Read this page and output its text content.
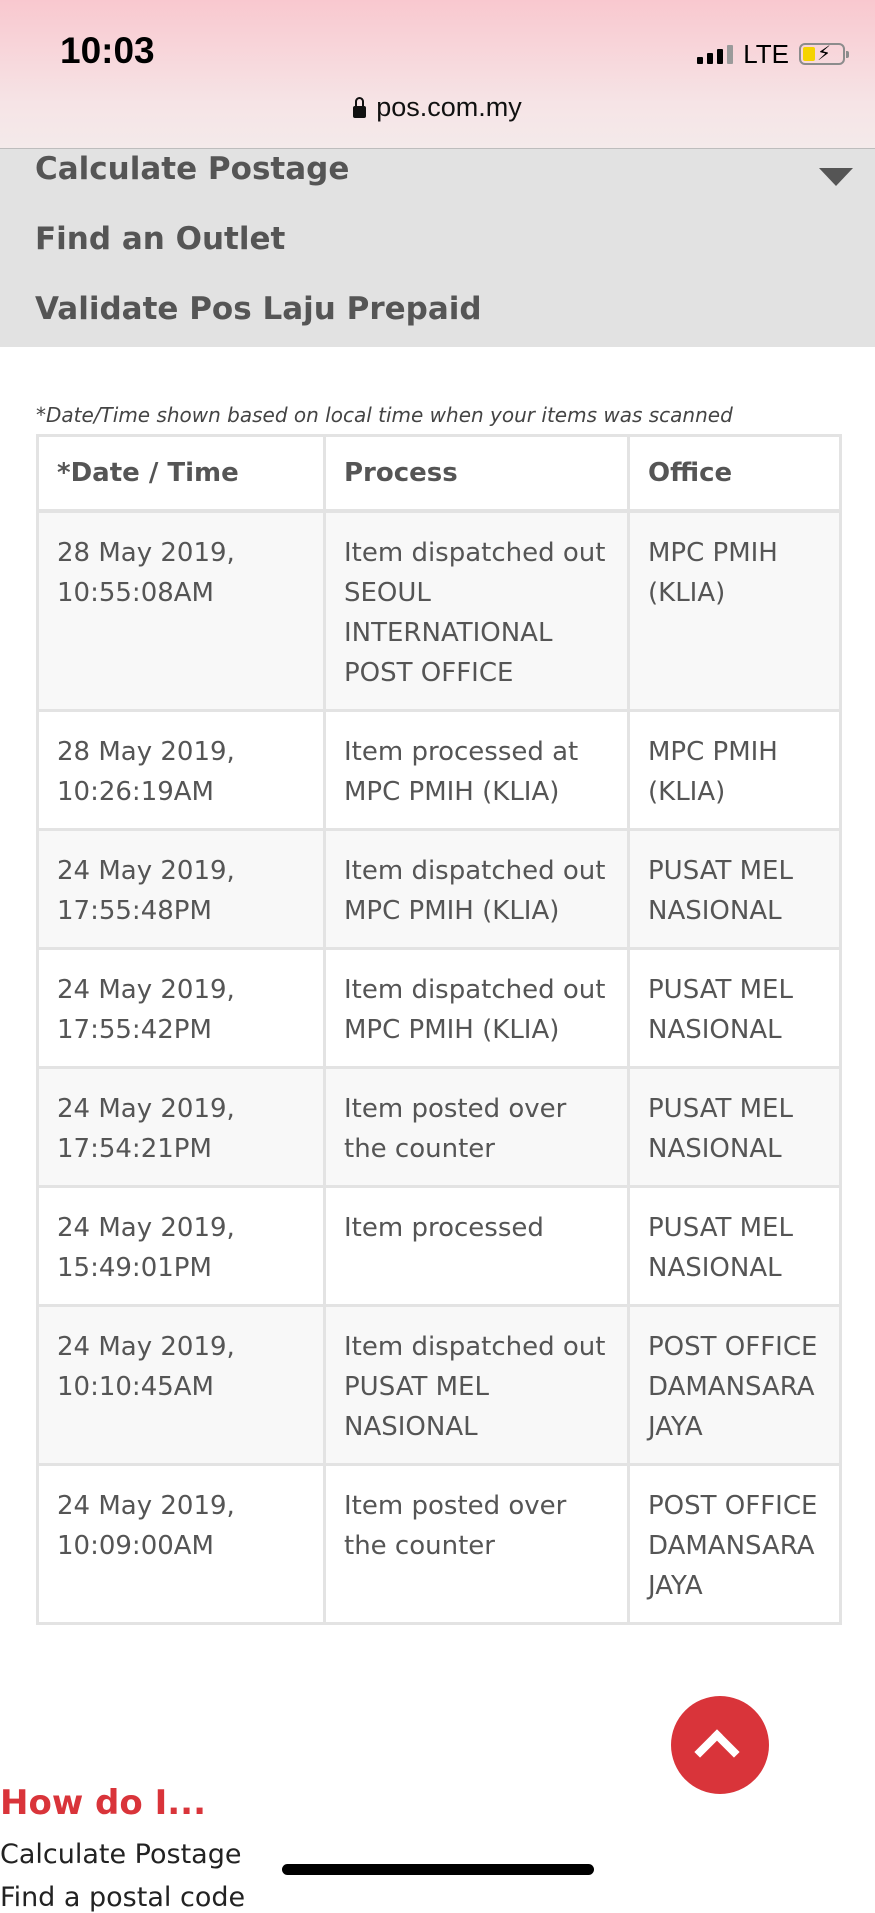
10:03	LTE ⚡
pos.com.my
Calculate Postage
Find an Outlet
Validate Pos Laju Prepaid
*Date/Time shown based on local time when your items was scanned
*Date / Time	Process	Office
28 May 2019, 10:55:08AM	Item dispatched out SEOUL INTERNATIONAL POST OFFICE	MPC PMIH (KLIA)
28 May 2019, 10:26:19AM	Item processed at MPC PMIH (KLIA)	MPC PMIH (KLIA)
24 May 2019, 17:55:48PM	Item dispatched out MPC PMIH (KLIA)	PUSAT MEL NASIONAL
24 May 2019, 17:55:42PM	Item dispatched out MPC PMIH (KLIA)	PUSAT MEL NASIONAL
24 May 2019, 17:54:21PM	Item posted over the counter	PUSAT MEL NASIONAL
24 May 2019, 15:49:01PM	Item processed	PUSAT MEL NASIONAL
24 May 2019, 10:10:45AM	Item dispatched out PUSAT MEL NASIONAL	POST OFFICE DAMANSARA JAYA
24 May 2019, 10:09:00AM	Item posted over the counter	POST OFFICE DAMANSARA JAYA
How do I...
Calculate Postage
Find a postal code
